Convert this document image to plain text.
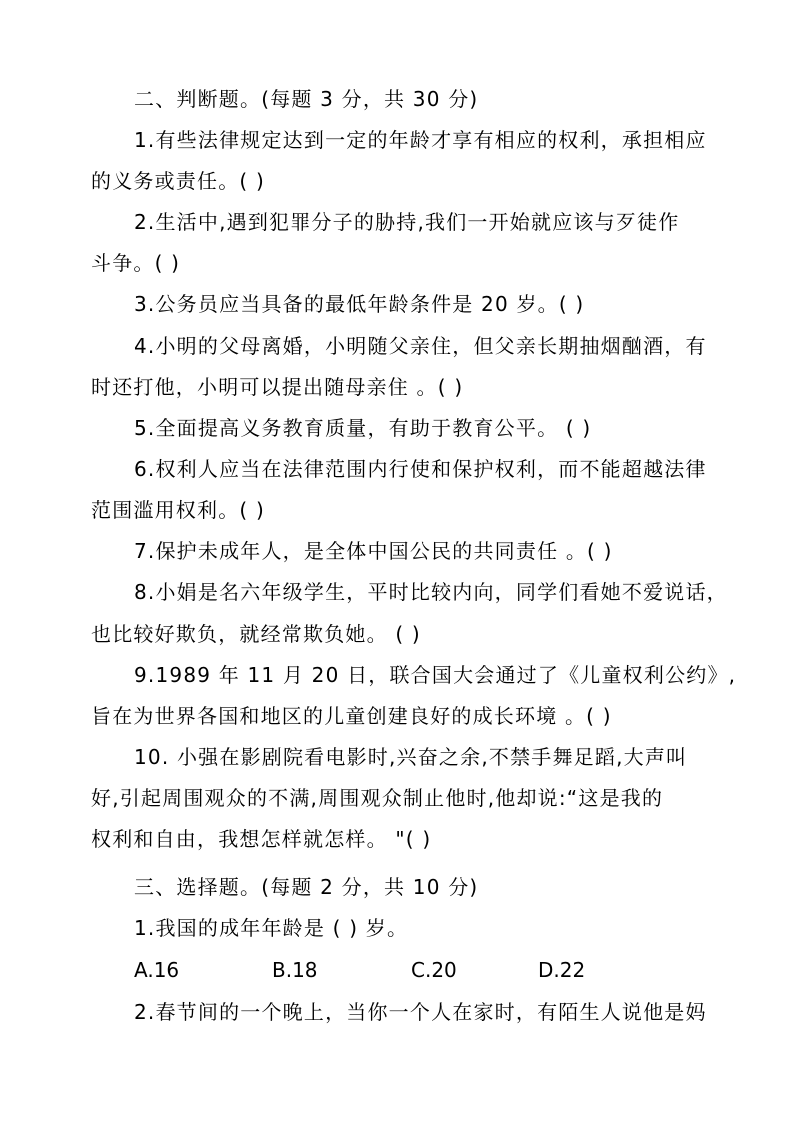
二、判断题。(每题 3 分，共 30 分)
1.有些法律规定达到一定的年龄才享有相应的权利，承担相应
的义务或责任。( )
2.生活中,遇到犯罪分子的胁持,我们一开始就应该与歹徒作
斗争。( )
3.公务员应当具备的最低年龄条件是 20 岁。( )
4.小明的父母离婚，小明随父亲住，但父亲长期抽烟酗酒，有
时还打他，小明可以提出随母亲住 。( )
5.全面提高义务教育质量，有助于教育公平。 ( )
6.权利人应当在法律范围内行使和保护权利，而不能超越法律
范围滥用权利。( )
7.保护未成年人，是全体中国公民的共同责任 。( )
8.小娟是名六年级学生，平时比较内向，同学们看她不爱说话，
也比较好欺负，就经常欺负她。 ( )
9.1989 年 11 月 20 日，联合国大会通过了《儿童权利公约》,
旨在为世界各国和地区的儿童创建良好的成长环境 。( )
10. 小强在影剧院看电影时,兴奋之余,不禁手舞足蹈,大声叫
好,引起周围观众的不满,周围观众制止他时,他却说:“这是我的
权利和自由，我想怎样就怎样。 "( )
三、选择题。(每题 2 分，共 10 分)
1.我国的成年年龄是 ( ) 岁。
A.16	B.18	C.20	D.22
2.春节间的一个晚上，当你一个人在家时，有陌生人说他是妈
